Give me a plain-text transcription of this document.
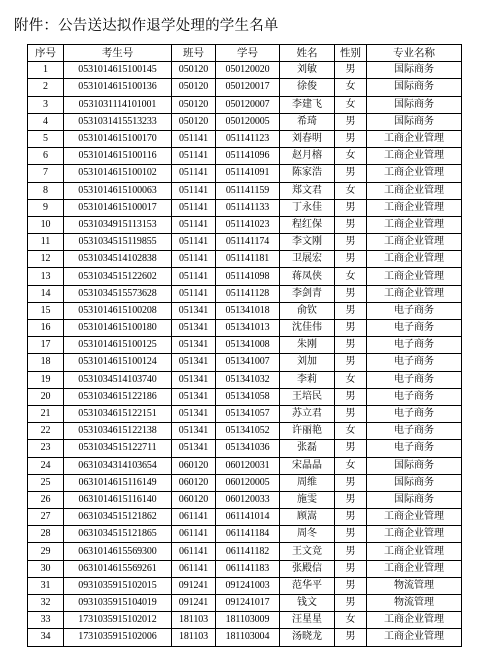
附件：公告送达拟作退学处理的学生名单
序号	考生号	班号	学号	姓名	性别	专业名称
1	0531014615100145	050120	050120020	刘敏	男	国际商务
2	0531014615100136	050120	050120017	徐俊	女	国际商务
3	0531031114101001	050120	050120007	李建飞	女	国际商务
4	0531031415513233	050120	050120005	希琦	男	国际商务
5	0531014615100170	051141	051141123	刘春明	男	工商企业管理
6	0531014615100116	051141	051141096	赵月榕	女	工商企业管理
7	0531014615100102	051141	051141091	陈家浩	男	工商企业管理
8	0531014615100063	051141	051141159	郑文君	女	工商企业管理
9	0531014615100017	051141	051141133	丁永佳	男	工商企业管理
10	0531034915113153	051141	051141023	程红保	男	工商企业管理
11	0531034515119855	051141	051141174	李文刚	男	工商企业管理
12	0531034514102838	051141	051141181	卫展宏	男	工商企业管理
13	0531034515122602	051141	051141098	蒋凤侠	女	工商企业管理
14	0531034515573628	051141	051141128	李剑青	男	工商企业管理
15	0531014615100208	051341	051341018	俞钦	男	电子商务
16	0531014615100180	051341	051341013	沈佳伟	男	电子商务
17	0531014615100125	051341	051341008	朱刚	男	电子商务
18	0531014615100124	051341	051341007	刘加	男	电子商务
19	0531034514103740	051341	051341032	李莉	女	电子商务
20	0531034615122186	051341	051341058	王培民	男	电子商务
21	0531034615122151	051341	051341057	苏立君	男	电子商务
22	0531034615122138	051341	051341052	许丽艳	女	电子商务
23	0531034515122711	051341	051341036	张磊	男	电子商务
24	0631034314103654	060120	060120031	宋晶晶	女	国际商务
25	0631014615116149	060120	060120005	周维	男	国际商务
26	0631014615116140	060120	060120033	施雯	男	国际商务
27	0631034515121862	061141	061141014	顾嵩	男	工商企业管理
28	0631034515121865	061141	061141184	周冬	男	工商企业管理
29	0631014615569300	061141	061141182	王文竞	男	工商企业管理
30	0631014615569261	061141	061141183	张殿信	男	工商企业管理
31	0931035915102015	091241	091241003	范华平	男	物流管理
32	0931035915104019	091241	091241017	钱文	男	物流管理
33	1731035915102012	181103	181103009	汪星星	女	工商企业管理
34	1731035915102006	181103	181103004	汤晓龙	男	工商企业管理
